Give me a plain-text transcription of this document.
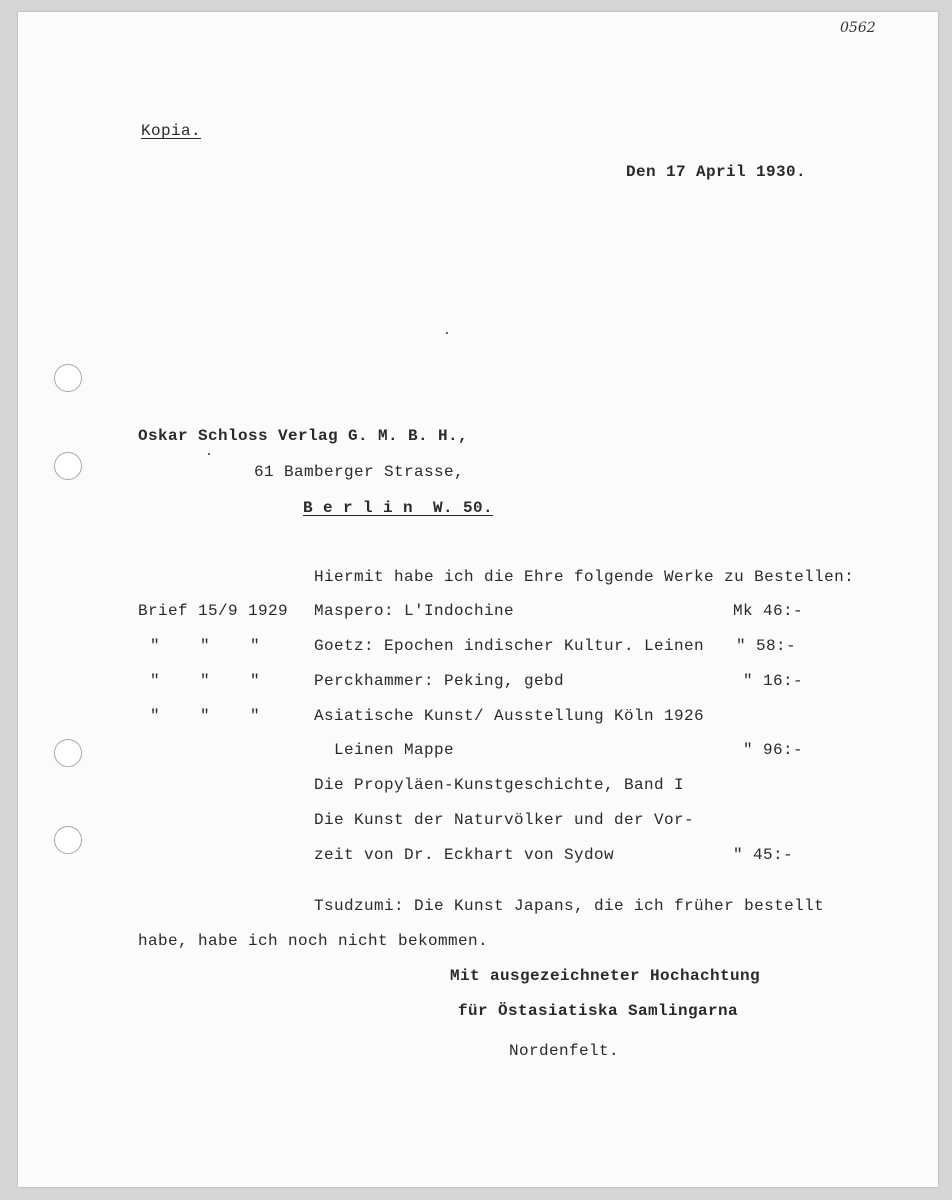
0562
Kopia.
Den 17 April 1930.
Oskar Schloss Verlag G. M. B. H.,
61 Bamberger Strasse,
B e r l i n  W. 50.
Hiermit habe ich die Ehre folgende Werke zu Bestellen:
Brief 15/9 1929 Maspero: L'Indochine	Mk 46:-
"    "    "	Goetz: Epochen indischer Kultur. Leinen " 58:-
"    "    "	Perckhammer: Peking, gebd	" 16:-
"    "    "	Asiatische Kunst/ Ausstellung Köln 1926
Leinen Mappe	" 96:-
Die Propyläen-Kunstgeschichte, Band I
Die Kunst der Naturvölker und der Vor-
zeit von Dr. Eckhart von Sydow	" 45:-
Tsudzumi: Die Kunst Japans, die ich früher bestellt
habe, habe ich noch nicht bekommen.
Mit ausgezeichneter Hochachtung
für Östasiatiska Samlingarna
Nordenfelt.
